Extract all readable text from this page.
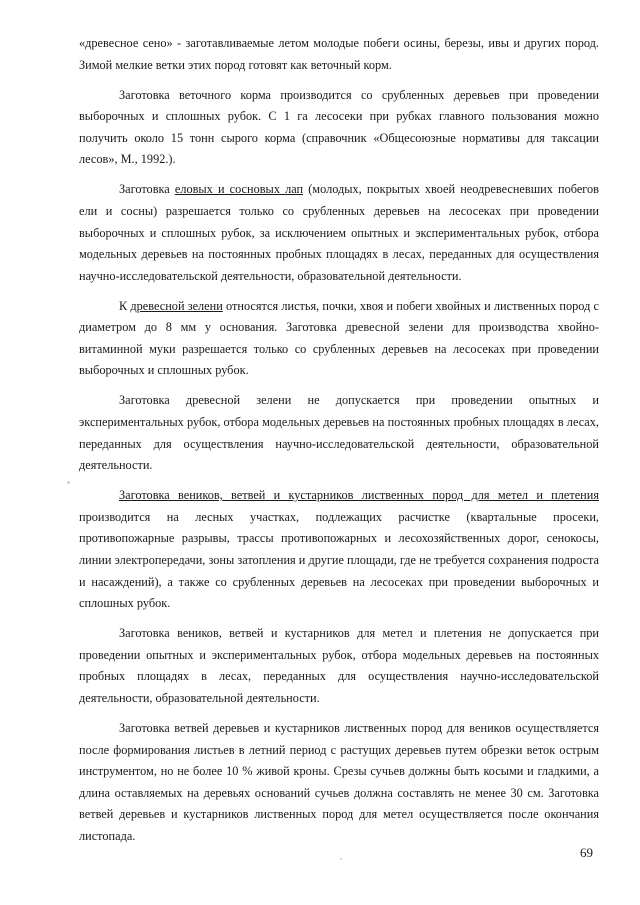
«древесное сено» - заготавливаемые летом молодые побеги осины, березы, ивы и других пород. Зимой мелкие ветки этих пород готовят как веточный корм.

Заготовка веточного корма производится со срубленных деревьев при проведении выборочных и сплошных рубок. С 1 га лесосеки при рубках главного пользования можно получить около 15 тонн сырого корма (справочник «Общесоюзные нормативы для таксации лесов», М., 1992.).

Заготовка еловых и сосновых лап (молодых, покрытых хвоей неодревесневших побегов ели и сосны) разрешается только со срубленных деревьев на лесосеках при проведении выборочных и сплошных рубок, за исключением опытных и экспериментальных рубок, отбора модельных деревьев на постоянных пробных площадях в лесах, переданных для осуществления научно-исследовательской деятельности, образовательной деятельности.

К древесной зелени относятся листья, почки, хвоя и побеги хвойных и лиственных пород с диаметром до 8 мм у основания. Заготовка древесной зелени для производства хвойно-витаминной муки разрешается только со срубленных деревьев на лесосеках при проведении выборочных и сплошных рубок.

Заготовка древесной зелени не допускается при проведении опытных и экспериментальных рубок, отбора модельных деревьев на постоянных пробных площадях в лесах, переданных для осуществления научно-исследовательской деятельности, образовательной деятельности.

Заготовка веников, ветвей и кустарников лиственных пород для метел и плетения производится на лесных участках, подлежащих расчистке (квартальные просеки, противопожарные разрывы, трассы противопожарных и лесохозяйственных дорог, сенокосы, линии электропередачи, зоны затопления и другие площади, где не требуется сохранения подроста и насаждений), а также со срубленных деревьев на лесосеках при проведении выборочных и сплошных рубок.

Заготовка веников, ветвей и кустарников для метел и плетения не допускается при проведении опытных и экспериментальных рубок, отбора модельных деревьев на постоянных пробных площадях в лесах, переданных для осуществления научно-исследовательской деятельности, образовательной деятельности.

Заготовка ветвей деревьев и кустарников лиственных пород для веников осуществляется после формирования листьев в летний период с растущих деревьев путем обрезки веток острым инструментом, но не более 10 % живой кроны. Срезы сучьев должны быть косыми и гладкими, а длина оставляемых на деревьях оснований сучьев должна составлять не менее 30 см. Заготовка ветвей деревьев и кустарников лиственных пород для метел осуществляется после окончания листопада.

69
